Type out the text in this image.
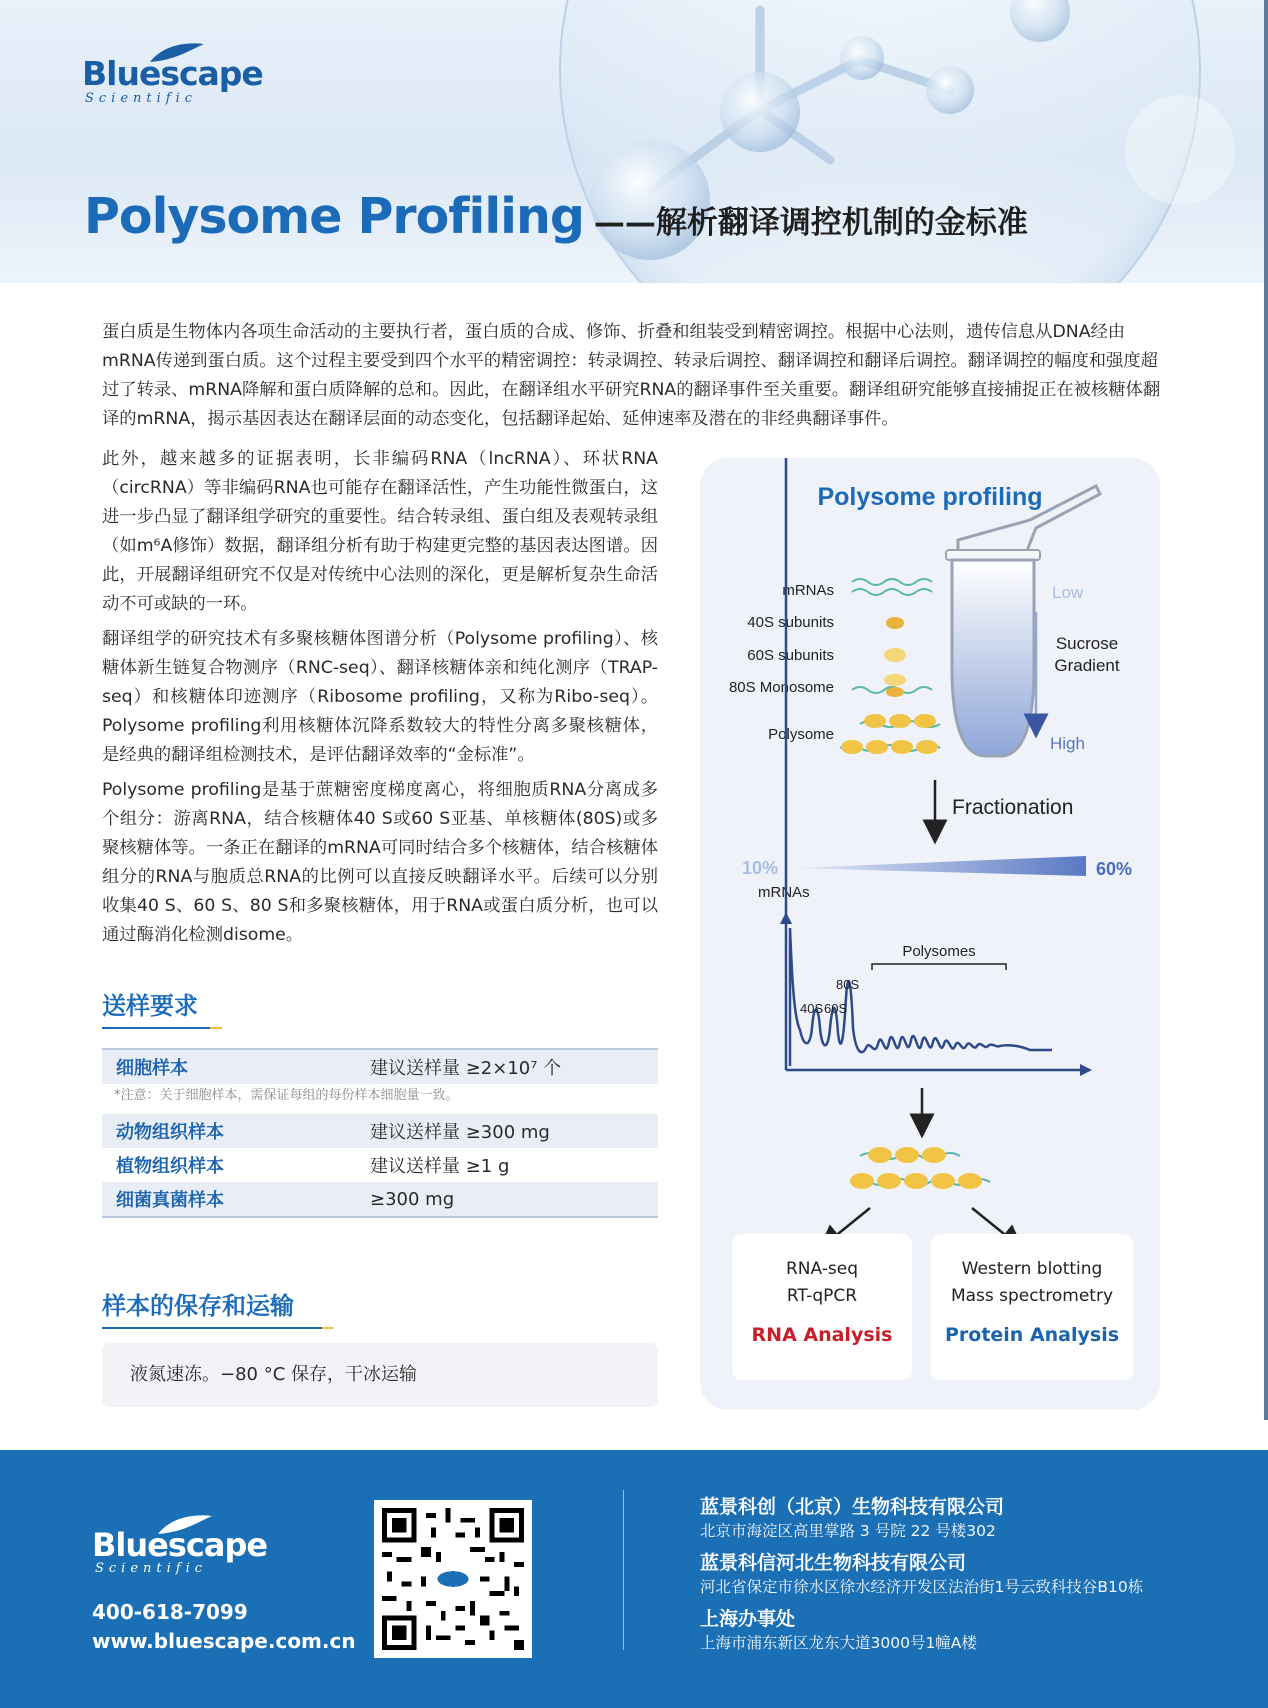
Bluescape
Scientific
Polysome Profiling ——解析翻译调控机制的金标准

蛋白质是生物体内各项生命活动的主要执行者，蛋白质的合成、修饰、折叠和组装受到精密调控。根据中心法则，遗传信息从DNA经由mRNA传递到蛋白质。这个过程主要受到四个水平的精密调控：转录调控、转录后调控、翻译调控和翻译后调控。翻译调控的幅度和强度超过了转录、mRNA降解和蛋白质降解的总和。因此，在翻译组水平研究RNA的翻译事件至关重要。翻译组研究能够直接捕捉正在被核糖体翻译的mRNA，揭示基因表达在翻译层面的动态变化，包括翻译起始、延伸速率及潜在的非经典翻译事件。

此外，越来越多的证据表明，长非编码RNA（lncRNA）、环状RNA（circRNA）等非编码RNA也可能存在翻译活性，产生功能性微蛋白，这进一步凸显了翻译组学研究的重要性。结合转录组、蛋白组及表观转录组（如m⁶A修饰）数据，翻译组分析有助于构建更完整的基因表达图谱。因此，开展翻译组研究不仅是对传统中心法则的深化，更是解析复杂生命活动不可或缺的一环。

翻译组学的研究技术有多聚核糖体图谱分析（Polysome profiling）、核糖体新生链复合物测序（RNC-seq）、翻译核糖体亲和纯化测序（TRAP-seq）和核糖体印迹测序（Ribosome profiling，又称为Ribo-seq）。Polysome profiling利用核糖体沉降系数较大的特性分离多聚核糖体，是经典的翻译组检测技术，是评估翻译效率的“金标准”。

Polysome profiling是基于蔗糖密度梯度离心，将细胞质RNA分离成多个组分：游离RNA，结合核糖体40 S或60 S亚基、单核糖体(80S)或多聚核糖体等。一条正在翻译的mRNA可同时结合多个核糖体，结合核糖体组分的RNA与胞质总RNA的比例可以直接反映翻译水平。后续可以分别收集40 S、60 S、80 S和多聚核糖体，用于RNA或蛋白质分析，也可以通过酶消化检测disome。

送样要求
细胞样本	建议送样量 ≥2×10⁷ 个
*注意：关于细胞样本，需保证每组的每份样本细胞量一致。
动物组织样本	建议送样量 ≥300 mg
植物组织样本	建议送样量 ≥1 g
细菌真菌样本	≥300 mg
样本的保存和运输
液氮速冻。−80 °C 保存，干冰运输
Polysome profiling
mRNAs
40S subunits
60S subunits
80S Monosome
Polysome
Low
High
Sucrose
Gradient
Fractionation
10%	60%
mRNAs
40S 60S
80S
Polysomes
RNA-seq
RT-qPCR
RNA Analysis
Western blotting
Mass spectrometry
Protein Analysis
Bluescape
Scientific
400-618-7099
www.bluescape.com.cn
蓝景科创（北京）生物科技有限公司
北京市海淀区高里掌路 3 号院 22 号楼302
蓝景科信河北生物科技有限公司
河北省保定市徐水区徐水经济开发区法治街1号云致科技谷B10栋
上海办事处
上海市浦东新区龙东大道3000号1幢A楼
